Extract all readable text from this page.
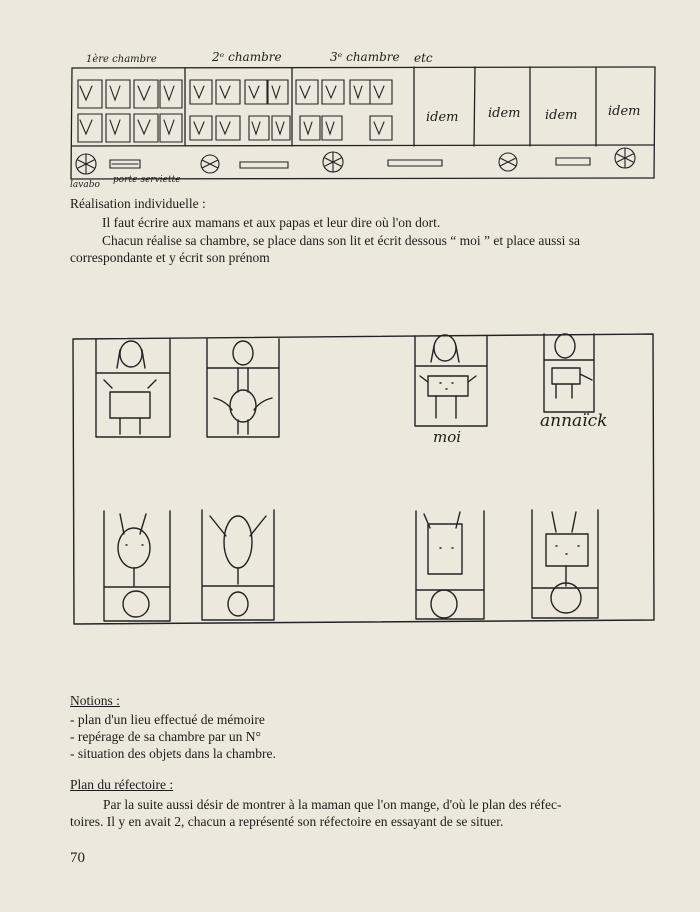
1ère chambre	2ᵉ chambre	3ᵉ chambre etc
idem idem idem idem
lavabo porte-serviette
Réalisation individuelle :
Il faut écrire aux mamans et aux papas et leur dire où l'on dort.
Chacun réalise sa chambre, se place dans son lit et écrit dessous “ moi ” et place aussi sa
correspondante et y écrit son prénom
moi
annaïck
Notions :
- plan d'un lieu effectué de mémoire
- repérage de sa chambre par un N°
- situation des objets dans la chambre.
Plan du réfectoire :
Par la suite aussi désir de montrer à la maman que l'on mange, d'où le plan des réfec-
toires. Il y en avait 2, chacun a représenté son réfectoire en essayant de se situer.
70
